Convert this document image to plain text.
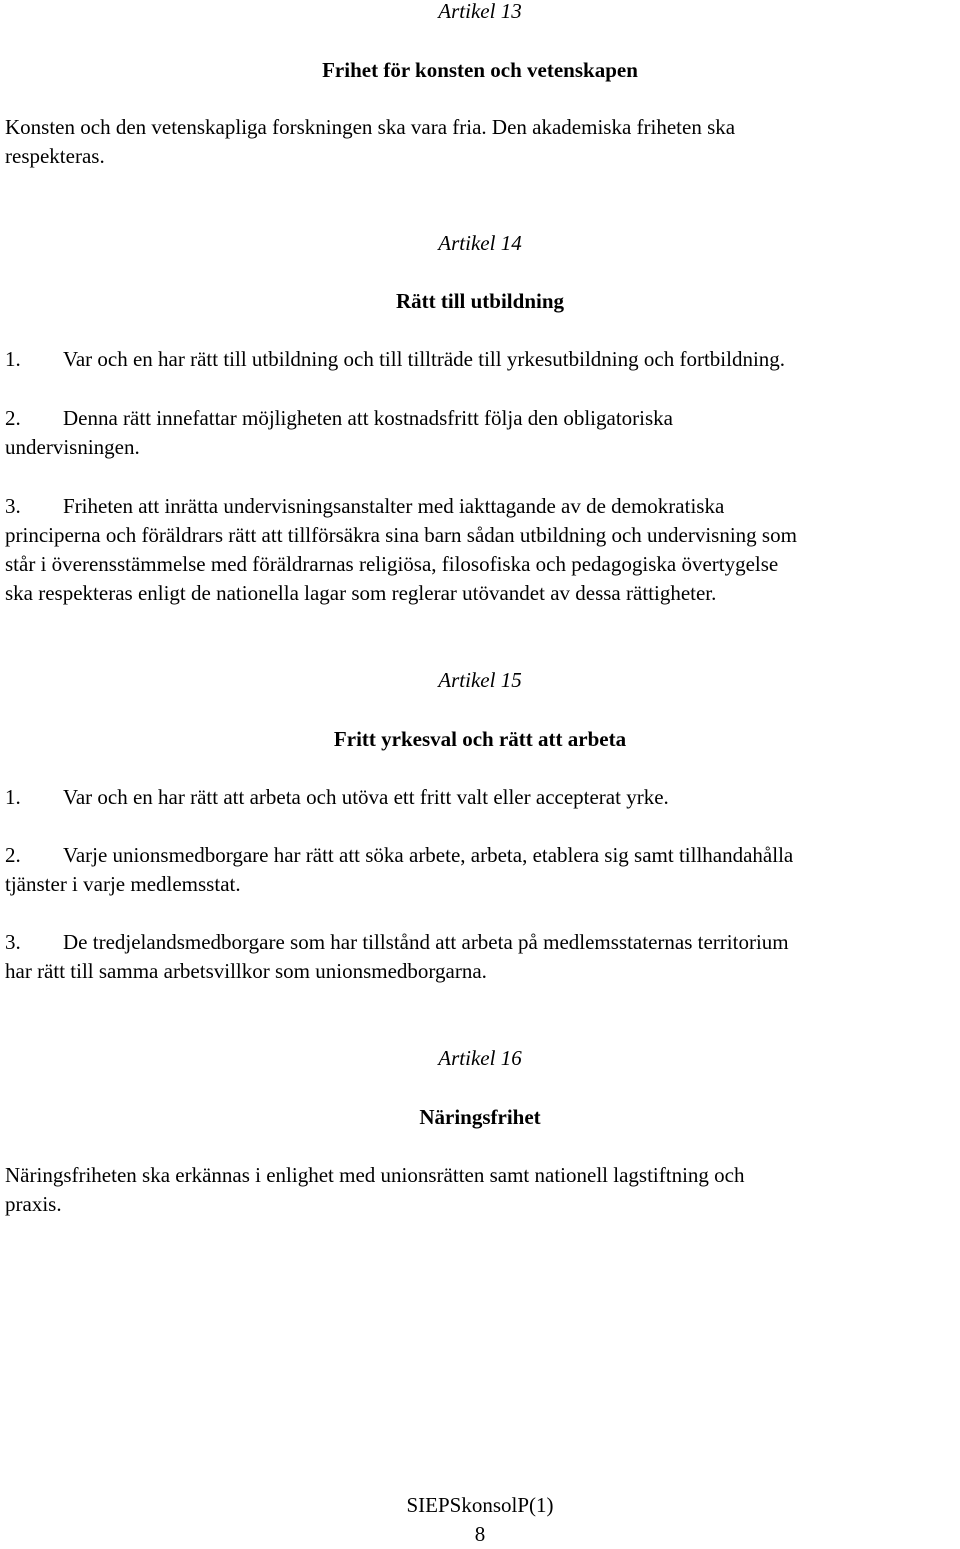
Artikel 13
Frihet för konsten och vetenskapen
Konsten och den vetenskapliga forskningen ska vara fria. Den akademiska friheten ska
respekteras.
Artikel 14
Rätt till utbildning
1. Var och en har rätt till utbildning och till tillträde till yrkesutbildning och fortbildning.
2. Denna rätt innefattar möjligheten att kostnadsfritt följa den obligatoriska
undervisningen.
3. Friheten att inrätta undervisningsanstalter med iakttagande av de demokratiska
principerna och föräldrars rätt att tillförsäkra sina barn sådan utbildning och undervisning som
står i överensstämmelse med föräldrarnas religiösa, filosofiska och pedagogiska övertygelse
ska respekteras enligt de nationella lagar som reglerar utövandet av dessa rättigheter.
Artikel 15
Fritt yrkesval och rätt att arbeta
1. Var och en har rätt att arbeta och utöva ett fritt valt eller accepterat yrke.
2. Varje unionsmedborgare har rätt att söka arbete, arbeta, etablera sig samt tillhandahålla
tjänster i varje medlemsstat.
3. De tredjelandsmedborgare som har tillstånd att arbeta på medlemsstaternas territorium
har rätt till samma arbetsvillkor som unionsmedborgarna.
Artikel 16
Näringsfrihet
Näringsfriheten ska erkännas i enlighet med unionsrätten samt nationell lagstiftning och
praxis.
SIEPSkonsolP(1)
8
